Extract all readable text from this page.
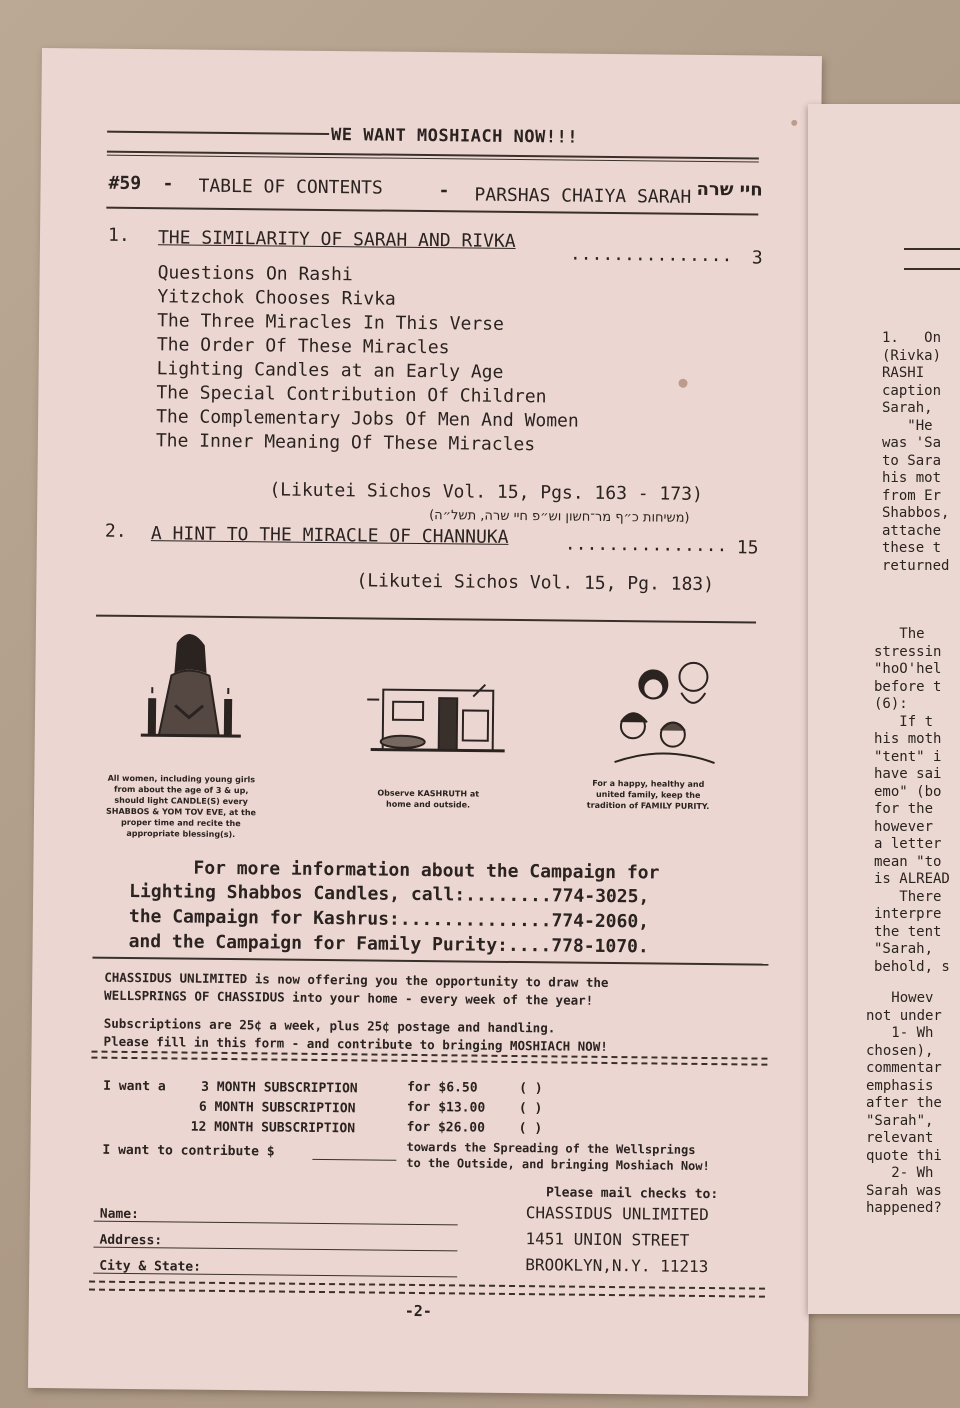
WE WANT MOSHIACH NOW!!!
#59 - TABLE OF CONTENTS	- PARSHAS CHAIYA SARAH חיי שרה
1. THE SIMILARITY OF SARAH AND RIVKA
............... 3
Questions On Rashi
Yitzchok Chooses Rivka
The Three Miracles In This Verse
The Order Of These Miracles
Lighting Candles at an Early Age
The Special Contribution Of Children
The Complementary Jobs Of Men And Women
The Inner Meaning Of These Miracles
(Likutei Sichos Vol. 15, Pgs. 163 - 173)
(משיחות כ״ף מר־חשון וש״פ חיי שרה, תשל״ה)
2. A HINT TO THE MIRACLE OF CHANNUKA	............... 15
(Likutei Sichos Vol. 15, Pg. 183)
All women, including young girls from about the age of 3 & up, should light CANDLE(S) every SHABBOS & YOM TOV EVE, at the proper time and recite the appropriate blessing(s).
Observe KASHRUTH at home and outside.
For a happy, healthy and united family, keep the tradition of FAMILY PURITY.
For more information about the Campaign for
Lighting Shabbos Candles, call:........774-3025,
the Campaign for Kashrus:..............774-2060,
and the Campaign for Family Purity:....778-1070.
CHASSIDUS UNLIMITED is now offering you the opportunity to draw the
WELLSPRINGS OF CHASSIDUS into your home - every week of the year!
Subscriptions are 25¢ a week, plus 25¢ postage and handling.
Please fill in this form - and contribute to bringing MOSHIACH NOW!
I want a	3 MONTH SUBSCRIPTION	for $6.50	( )
6 MONTH SUBSCRIPTION	for $13.00	( )
12 MONTH SUBSCRIPTION	for $26.00	( )
I want to contribute $	towards the Spreading of the Wellsprings
to the Outside, and bringing Moshiach Now!
Name:
Address:
City & State:
Please mail checks to:
CHASSIDUS UNLIMITED
1451 UNION STREET
BROOKLYN,N.Y. 11213
-2-
1.   On
(Rivka)
RASHI
caption
Sarah,
"He
was 'Sa
to Sara
his mot
from Er
Shabbos,
attache
these t
returned
The
stressin
"hoO'hel
before t
(6):
If t
his moth
"tent" i
have sai
emo" (bo
for the
however
a letter
mean "to
is ALREAD
There
interpre
the tent
"Sarah,
behold, s
Howev
not under
1- Wh
chosen),
commentar
emphasis
after the
"Sarah",
relevant
quote thi
2- Wh
Sarah was
happened?
